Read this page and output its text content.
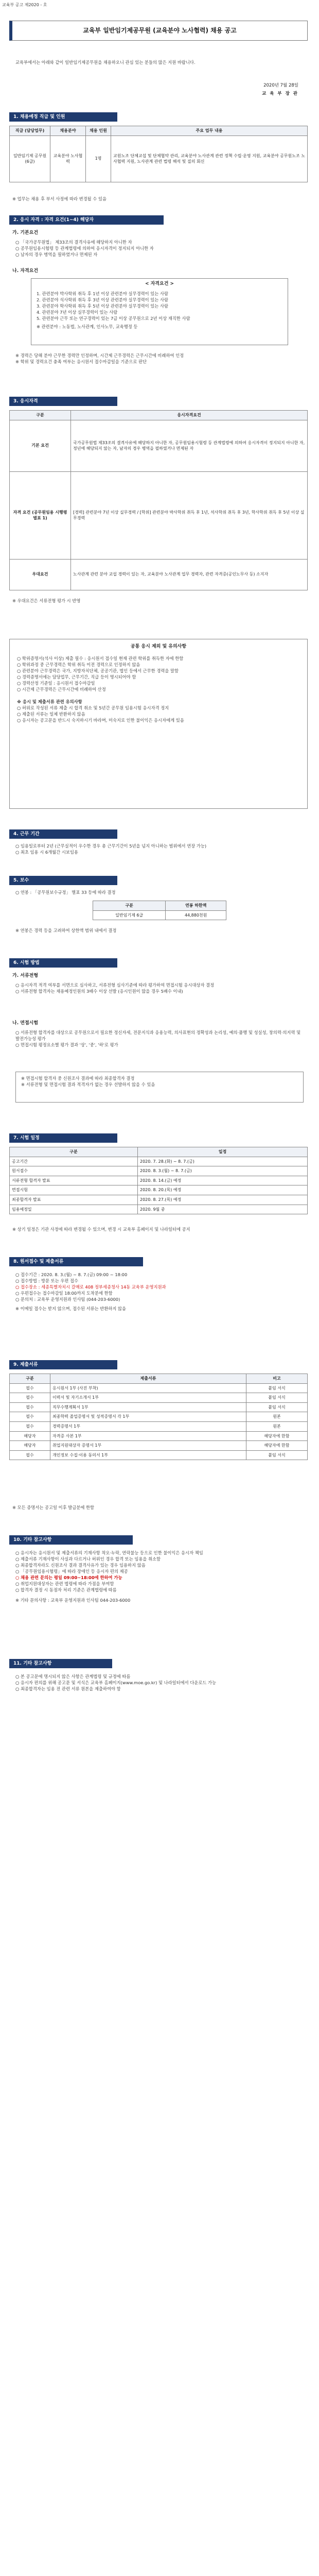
교육부 공고 제2020 - 호
교육부 일반임기제공무원 (교육분야 노사협력) 채용 공고
교육부에서는 아래와 같이 일반임기제공무원을 채용하오니 관심 있는 분들의 많은 지원 바랍니다.
2020년 7월 28일
교 육 부 장 관
1. 채용예정 직급 및 인원
직급 (담당업무)	채용분야	채용 인원	주요 업무 내용
일반임기제 공무원(6급)	교육분야 노사협력	1명	교원노조 단체교섭 및 단체협약 관리, 교육분야 노사관계 관련 정책 수립·운영 지원, 교육분야 공무원노조 노사협력 지원, 노사관계 관련 법령 해석 및 질의 회신
※ 업무는 채용 후 부서 사정에 따라 변경될 수 있음
2. 응시 자격 : 자격 요건(1~4) 해당자
가. 기본요건
○ 「국가공무원법」 제33조의 결격사유에 해당하지 아니한 자
○ 공무원임용시험령 등 관계법령에 의하여 응시자격이 정지되지 아니한 자
○ 남자의 경우 병역을 필하였거나 면제된 자
나. 자격요건
< 자격요건 >
1. 관련분야 박사학위 취득 후 1년 이상 관련분야 실무경력이 있는 사람
2. 관련분야 석사학위 취득 후 3년 이상 관련분야 실무경력이 있는 사람
3. 관련분야 학사학위 취득 후 5년 이상 관련분야 실무경력이 있는 사람
4. 관련분야 7년 이상 실무경력이 있는 사람
5. 관련분야 근무 또는 연구경력이 있는 7급 이상 공무원으로 2년 이상 재직한 사람
※ 관련분야 : 노동법, 노사관계, 인사노무, 교육행정 등
※ 경력은 당해 분야 근무한 경력만 인정하며, 시간제 근무경력은 근무시간에 비례하여 인정
※ 학위 및 경력요건 충족 여부는 응시원서 접수마감일을 기준으로 판단
3. 응시자격
구분	응시자격요건
기본 요건	국가공무원법 제33조의 결격사유에 해당하지 아니한 자, 공무원임용시험령 등 관계법령에 의하여 응시자격이 정지되지 아니한 자, 정년에 해당되지 않는 자, 남자의 경우 병역을 필하였거나 면제된 자
자격 요건 (공무원임용 시행령 별표 1)	[경력] 관련분야 7년 이상 실무경력 / [학위] 관련분야 박사학위 취득 후 1년, 석사학위 취득 후 3년, 학사학위 취득 후 5년 이상 실무경력
우대요건	노사관계 관련 분야 교섭 경력이 있는 자, 교육분야 노사관계 업무 경력자, 관련 자격증(공인노무사 등) 소지자
※ 우대요건은 서류전형 평가 시 반영
공통 응시 제외 및 유의사항
○ 학위증명서(석사 이상) 제출 필수 : 응시원서 접수일 현재 관련 학위를 취득한 자에 한함
○ 학위과정 중 근무경력은 학위 취득 이전 경력으로 인정하지 않음
○ 관련분야 근무경력은 국가, 지방자치단체, 공공기관, 법인 등에서 근무한 경력을 말함
○ 경력증명서에는 담당업무, 근무기간, 직급 등이 명시되어야 함
○ 경력산정 기준일 : 응시원서 접수마감일
○ 시간제 근무경력은 근무시간에 비례하여 산정
※ 응시 및 제출서류 관련 유의사항
○ 허위로 작성된 서류 제출 시 합격 취소 및 5년간 공무원 임용시험 응시자격 정지
○ 제출된 서류는 일체 반환하지 않음
○ 응시자는 공고문을 반드시 숙지하시기 바라며, 미숙지로 인한 불이익은 응시자에게 있음
4. 근무 기간
○ 임용일로부터 2년 (근무실적이 우수한 경우 총 근무기간이 5년을 넘지 아니하는 범위에서 연장 가능)
○ 최초 임용 시 6개월간 시보임용
5. 보수
○ 연봉 : 「공무원보수규정」 별표 33 등에 따라 결정
구분	연봉 하한액
일반임기제 6급	44,880천원
※ 연봉은 경력 등을 고려하여 상한액 범위 내에서 결정
6. 시험 방법
가. 서류전형
○ 응시자격 적격 여부를 서면으로 심사하고, 서류전형 심사기준에 따라 평가하여 면접시험 응시대상자 결정
○ 서류전형 합격자는 채용예정인원의 3배수 이상 선발 (응시인원이 많을 경우 5배수 이내)
나. 면접시험
○ 서류전형 합격자를 대상으로 공무원으로서 필요한 정신자세, 전문지식과 응용능력, 의사표현의 정확성과 논리성, 예의·품행 및 성실성, 창의력·의지력 및 발전가능성 평가
○ 면접시험 평정요소별 평가 결과 '상', '중', '하'로 평가
※ 면접시험 합격자 중 신원조사 결과에 따라 최종합격자 결정
※ 서류전형 및 면접시험 결과 적격자가 없는 경우 선발하지 않을 수 있음
7. 시험 일정
구분	일정
공고기간	2020. 7. 28.(화) ~ 8. 7.(금)
원서접수	2020. 8. 3.(월) ~ 8. 7.(금)
서류전형 합격자 발표	2020. 8. 14.(금) 예정
면접시험	2020. 8. 20.(목) 예정
최종합격자 발표	2020. 8. 27.(목) 예정
임용예정일	2020. 9월 중
※ 상기 일정은 기관 사정에 따라 변경될 수 있으며, 변경 시 교육부 홈페이지 및 나라일터에 공지
8. 원서접수 및 제출서류
○ 접수기간 : 2020. 8. 3.(월) ~ 8. 7.(금) 09:00 ~ 18:00
○ 접수방법 : 방문 또는 우편 접수
○ 접수장소 : 세종특별자치시 갈매로 408 정부세종청사 14동 교육부 운영지원과
○ 우편접수는 접수마감일 18:00까지 도착분에 한함
○ 문의처 : 교육부 운영지원과 인사팀 (044-203-6000)
※ 이메일 접수는 받지 않으며, 접수된 서류는 반환하지 않음
9. 제출서류
구분	제출서류	비고
필수	응시원서 1부 (사진 부착)	붙임 서식
필수	이력서 및 자기소개서 1부	붙임 서식
필수	직무수행계획서 1부	붙임 서식
필수	최종학력 졸업증명서 및 성적증명서 각 1부	원본
필수	경력증명서 1부	원본
해당자	자격증 사본 1부	해당자에 한함
해당자	취업지원대상자 증명서 1부	해당자에 한함
필수	개인정보 수집·이용 동의서 1부	붙임 서식
※ 모든 증명서는 공고일 이후 발급분에 한함
10. 기타 참고사항
○ 응시자는 응시원서 및 제출서류의 기재사항 착오·누락, 연락불능 등으로 인한 불이익은 응시자 책임
○ 제출서류 기재사항이 사실과 다르거나 허위인 경우 합격 또는 임용을 취소함
○ 최종합격자라도 신원조사 결과 결격사유가 있는 경우 임용하지 않음
○ 「공무원임용시험령」에 따라 장애인 등 응시자 편의 제공
○ 채용 관련 문의는 평일 09:00~18:00에 한하여 가능
○ 취업지원대상자는 관련 법령에 따라 가점을 부여함
○ 합격자 결정 시 동점자 처리 기준은 관계법령에 따름
※ 기타 문의사항 : 교육부 운영지원과 인사팀 044-203-6000
11. 기타 참고사항
○ 본 공고문에 명시되지 않은 사항은 관계법령 및 규정에 따름
○ 응시자 편의를 위해 공고문 및 서식은 교육부 홈페이지(www.moe.go.kr) 및 나라일터에서 다운로드 가능
○ 최종합격자는 임용 전 관련 서류 원본을 제출하여야 함
